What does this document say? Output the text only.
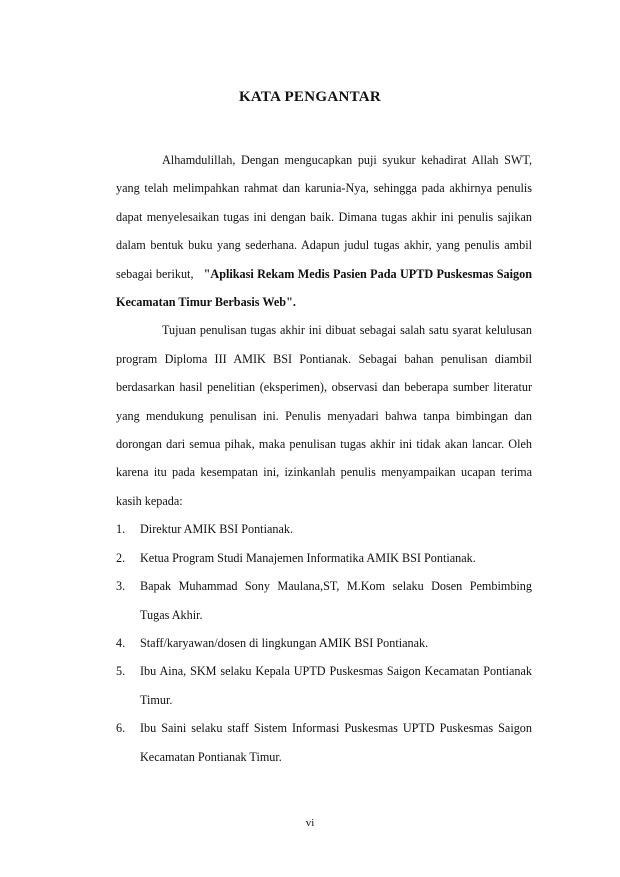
KATA PENGANTAR

Alhamdulillah, Dengan mengucapkan puji syukur kehadirat Allah SWT, yang telah melimpahkan rahmat dan karunia-Nya, sehingga pada akhirnya penulis dapat menyelesaikan tugas ini dengan baik. Dimana tugas akhir ini penulis sajikan dalam bentuk buku yang sederhana. Adapun judul tugas akhir, yang penulis ambil sebagai berikut, "Aplikasi Rekam Medis Pasien Pada UPTD Puskesmas Saigon Kecamatan Timur Berbasis Web".

Tujuan penulisan tugas akhir ini dibuat sebagai salah satu syarat kelulusan program Diploma III AMIK BSI Pontianak. Sebagai bahan penulisan diambil berdasarkan hasil penelitian (eksperimen), observasi dan beberapa sumber literatur yang mendukung penulisan ini. Penulis menyadari bahwa tanpa bimbingan dan dorongan dari semua pihak, maka penulisan tugas akhir ini tidak akan lancar. Oleh karena itu pada kesempatan ini, izinkanlah penulis menyampaikan ucapan terima kasih kepada:

1. Direktur AMIK BSI Pontianak.
2. Ketua Program Studi Manajemen Informatika AMIK BSI Pontianak.
3. Bapak Muhammad Sony Maulana,ST, M.Kom selaku Dosen Pembimbing Tugas Akhir.
4. Staff/karyawan/dosen di lingkungan AMIK BSI Pontianak.
5. Ibu Aina, SKM selaku Kepala UPTD Puskesmas Saigon Kecamatan Pontianak Timur.
6. Ibu Saini selaku staff Sistem Informasi Puskesmas UPTD Puskesmas Saigon Kecamatan Pontianak Timur.
vi
